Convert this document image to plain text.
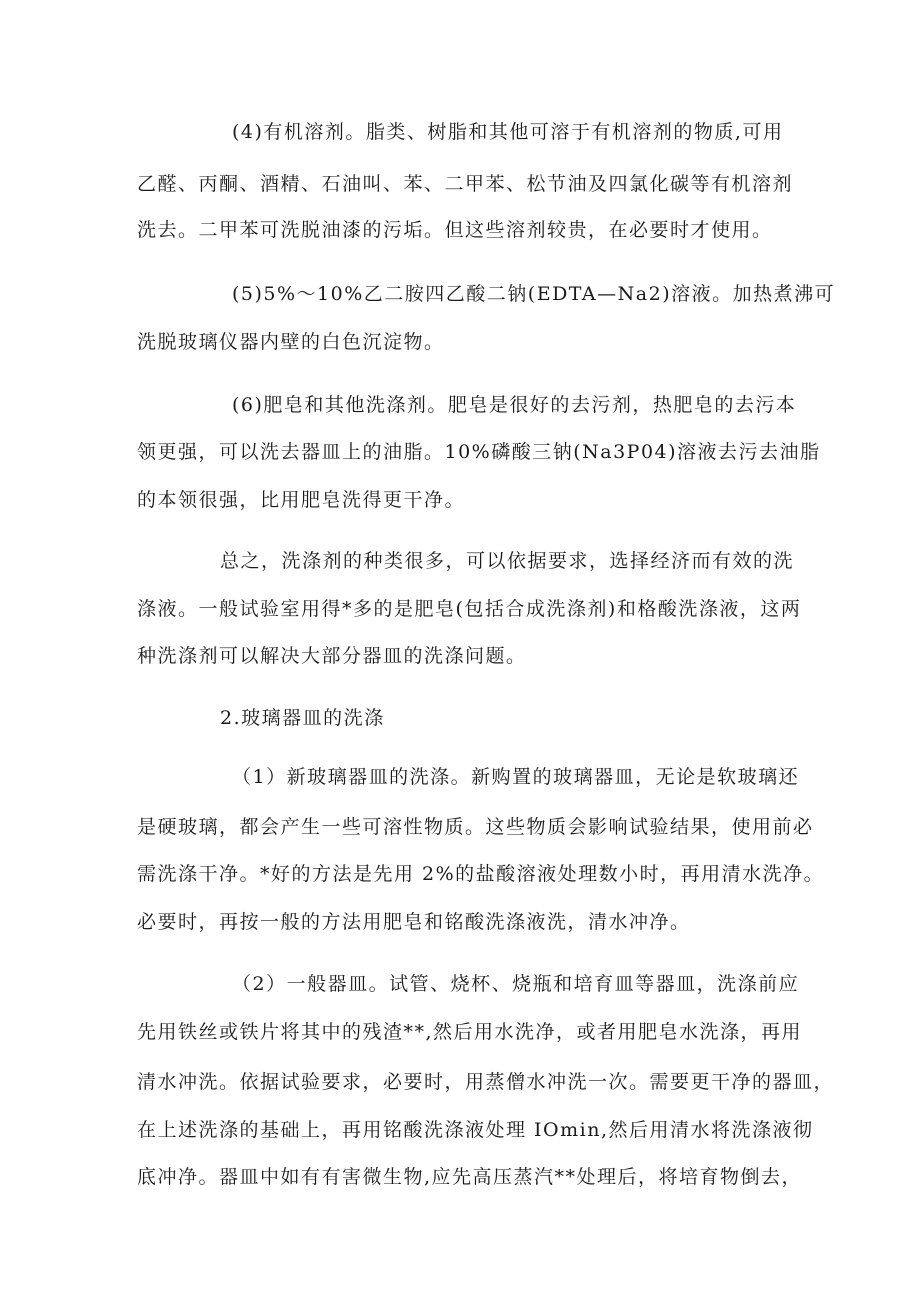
(4)有机溶剂。脂类、树脂和其他可溶于有机溶剂的物质,可用
乙醛、丙酮、酒精、石油叫、苯、二甲苯、松节油及四氯化碳等有机溶剂
洗去。二甲苯可洗脱油漆的污垢。但这些溶剂较贵，在必要时才使用。
(5)5%～10%乙二胺四乙酸二钠(EDTA—Na2)溶液。加热煮沸可
洗脱玻璃仪器内壁的白色沉淀物。
(6)肥皂和其他洗涤剂。肥皂是很好的去污剂，热肥皂的去污本
领更强，可以洗去器皿上的油脂。10%磷酸三钠(Na3P04)溶液去污去油脂
的本领很强，比用肥皂洗得更干净。
总之，洗涤剂的种类很多，可以依据要求，选择经济而有效的洗
涤液。一般试验室用得*多的是肥皂(包括合成洗涤剂)和格酸洗涤液，这两
种洗涤剂可以解决大部分器皿的洗涤问题。
2.玻璃器皿的洗涤
（1）新玻璃器皿的洗涤。新购置的玻璃器皿，无论是软玻璃还
是硬玻璃，都会产生一些可溶性物质。这些物质会影响试验结果，使用前必
需洗涤干净。*好的方法是先用 2%的盐酸溶液处理数小时，再用清水洗净。
必要时，再按一般的方法用肥皂和铭酸洗涤液洗，清水冲净。
（2）一般器皿。试管、烧杯、烧瓶和培育皿等器皿，洗涤前应
先用铁丝或铁片将其中的残渣**,然后用水洗净，或者用肥皂水洗涤，再用
清水冲洗。依据试验要求，必要时，用蒸僧水冲洗一次。需要更干净的器皿，
在上述洗涤的基础上，再用铭酸洗涤液处理 IOmin,然后用清水将洗涤液彻
底冲净。器皿中如有有害微生物,应先高压蒸汽**处理后，将培育物倒去，
